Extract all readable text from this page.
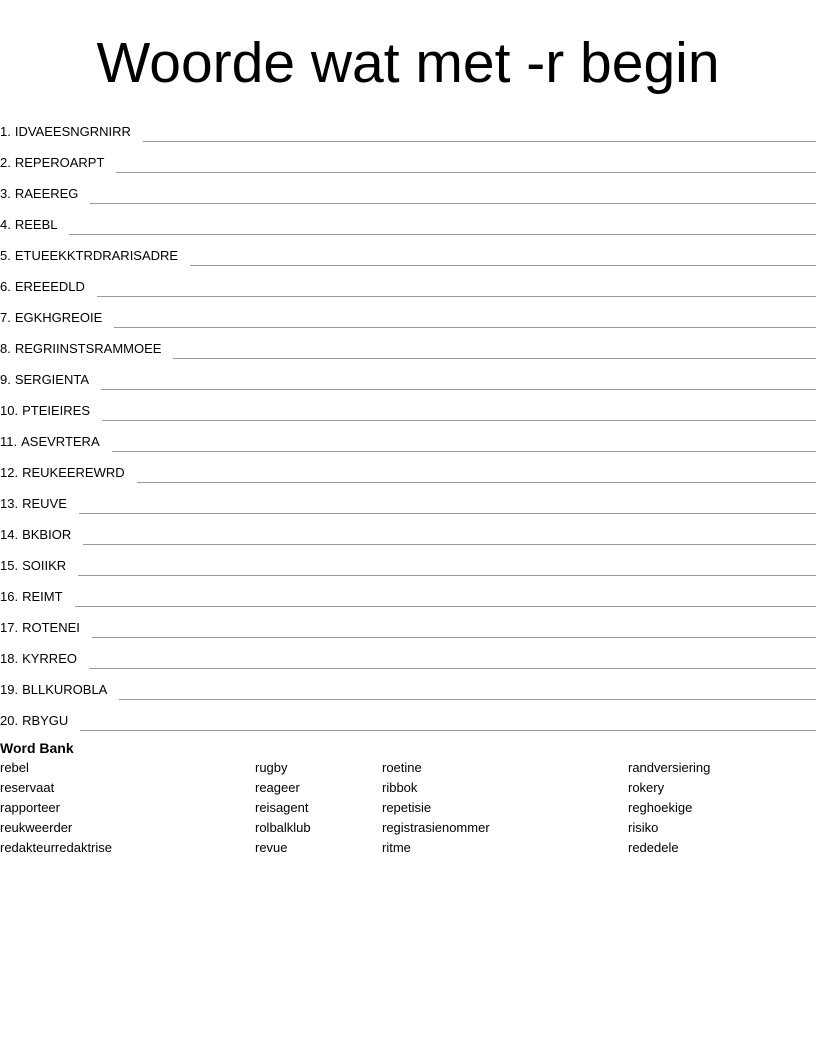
Woorde wat met -r begin
1. IDVAEESNGRNIRR
2. REPEROARPT
3. RAEEREG
4. REEBL
5. ETUEEKKTRDRARISADRE
6. EREEEDLD
7. EGKHGREOIE
8. REGRIINSTSRAMMOEE
9. SERGIENTA
10. PTEIEIRES
11. ASEVRTERA
12. REUKEEREWRD
13. REUVE
14. BKBIOR
15. SOIIKR
16. REIMT
17. ROTENEI
18. KYRREO
19. BLLKUROBLA
20. RBYGU
Word Bank
rebel
reservaat
rapporteer
reukweerder
redakteurredaktrise
rugby
reageer
reisagent
rolbalklub
revue
roetine
ribbok
repetisie
registrasienommer
ritme
randversiering
rokery
reghoekige
risiko
rededele
